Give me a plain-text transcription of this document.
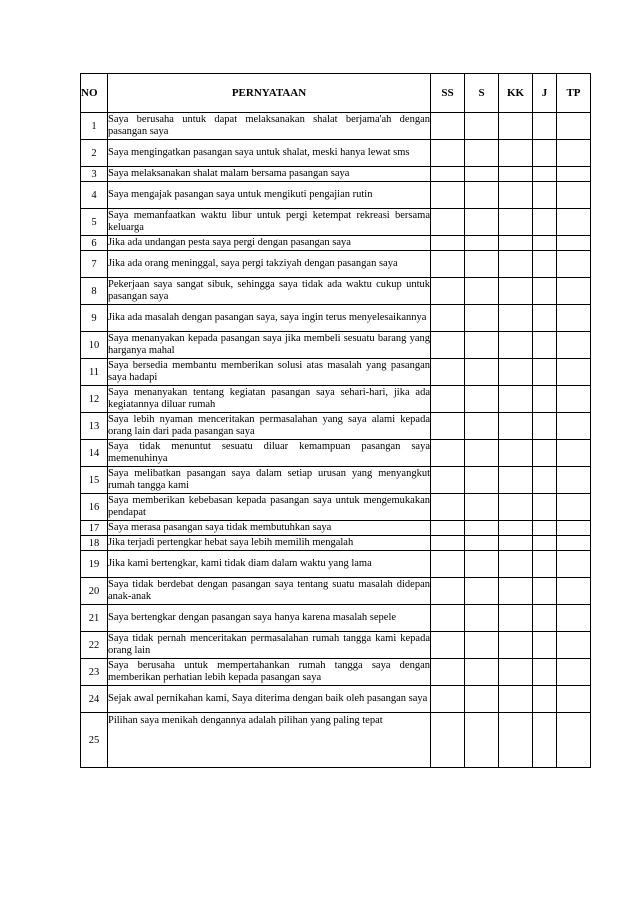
NO	PERNYATAAN	SS	S	KK	J	TP
1	Saya berusaha untuk dapat melaksanakan shalat berjama'ah dengan pasangan saya					
2	Saya mengingatkan pasangan saya untuk shalat, meski hanya lewat sms					
3	Saya melaksanakan shalat malam bersama pasangan saya					
4	Saya mengajak pasangan saya untuk mengikuti pengajian rutin					
5	Saya memanfaatkan waktu libur untuk pergi ketempat rekreasi bersama keluarga					
6	Jika ada undangan pesta saya pergi dengan pasangan saya					
7	Jika ada orang meninggal, saya pergi takziyah dengan pasangan saya					
8	Pekerjaan saya sangat sibuk, sehingga saya tidak ada waktu cukup untuk pasangan saya					
9	Jika ada masalah dengan pasangan saya, saya ingin terus menyelesaikannya					
10	Saya menanyakan kepada pasangan saya jika membeli sesuatu barang yang harganya mahal					
11	Saya bersedia membantu memberikan solusi atas masalah yang pasangan saya hadapi					
12	Saya menanyakan tentang kegiatan pasangan saya sehari-hari, jika ada kegiatannya diluar rumah					
13	Saya lebih nyaman menceritakan permasalahan yang saya alami kepada orang lain dari pada pasangan saya					
14	Saya tidak menuntut sesuatu diluar kemampuan pasangan saya memenuhinya					
15	Saya melibatkan pasangan saya dalam setiap urusan yang menyangkut rumah tangga kami					
16	Saya memberikan kebebasan kepada pasangan saya untuk mengemukakan pendapat					
17	Saya merasa pasangan saya tidak membutuhkan saya					
18	Jika terjadi pertengkar hebat saya lebih memilih mengalah					
19	Jika kami bertengkar, kami tidak diam dalam waktu yang lama					
20	Saya tidak berdebat dengan pasangan saya tentang suatu masalah didepan anak-anak					
21	Saya bertengkar dengan pasangan saya hanya karena masalah sepele					
22	Saya tidak pernah menceritakan permasalahan rumah tangga kami kepada orang lain					
23	Saya berusaha untuk mempertahankan rumah tangga saya dengan memberikan perhatian lebih kepada pasangan saya					
24	Sejak awal pernikahan kami, Saya diterima dengan baik oleh pasangan saya					
25	Pilihan saya menikah dengannya adalah pilihan yang paling tepat					
